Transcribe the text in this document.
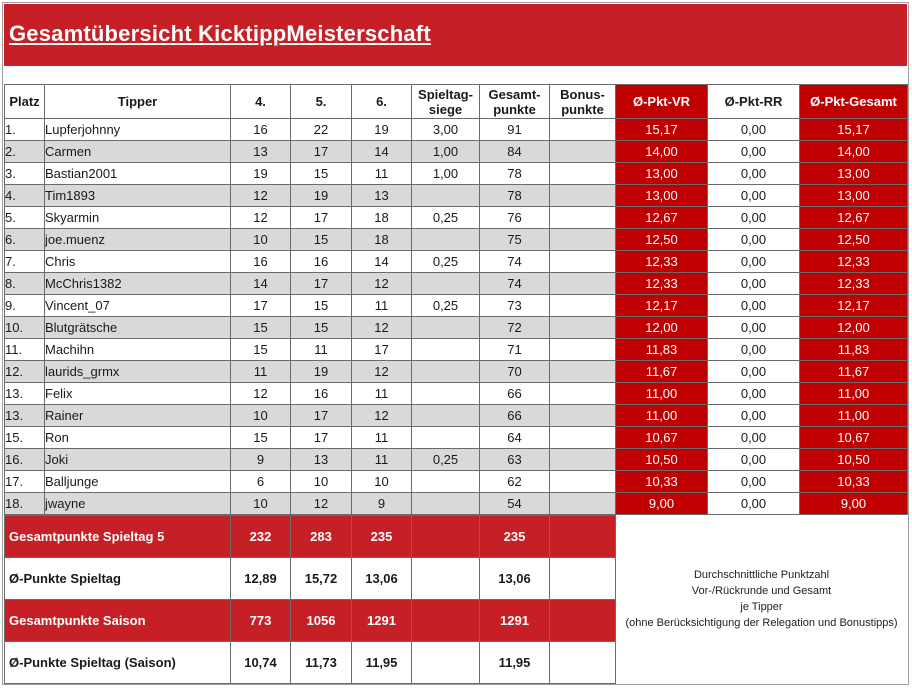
Gesamtübersicht KicktippMeisterschaft
Platz	Tipper	4.	5.	6.	Spieltag-siege	Gesamt-punkte	Bonus-punkte	Ø-Pkt-VR	Ø-Pkt-RR	Ø-Pkt-Gesamt
1.	Lupferjohnny	16	22	19	3,00	91		15,17	0,00	15,17
2.	Carmen	13	17	14	1,00	84		14,00	0,00	14,00
3.	Bastian2001	19	15	11	1,00	78		13,00	0,00	13,00
4.	Tim1893	12	19	13		78		13,00	0,00	13,00
5.	Skyarmin	12	17	18	0,25	76		12,67	0,00	12,67
6.	joe.muenz	10	15	18		75		12,50	0,00	12,50
7.	Chris	16	16	14	0,25	74		12,33	0,00	12,33
8.	McChris1382	14	17	12		74		12,33	0,00	12,33
9.	Vincent_07	17	15	11	0,25	73		12,17	0,00	12,17
10.	Blutgrätsche	15	15	12		72		12,00	0,00	12,00
11.	Machihn	15	11	17		71		11,83	0,00	11,83
12.	laurids_grmx	11	19	12		70		11,67	0,00	11,67
13.	Felix	12	16	11		66		11,00	0,00	11,00
13.	Rainer	10	17	12		66		11,00	0,00	11,00
15.	Ron	15	17	11		64		10,67	0,00	10,67
16.	Joki	9	13	11	0,25	63		10,50	0,00	10,50
17.	Balljunge	6	10	10		62		10,33	0,00	10,33
18.	jwayne	10	12	9		54		9,00	0,00	9,00
Gesamtpunkte Spieltag 5	232	283	235		235	
Ø-Punkte Spieltag	12,89	15,72	13,06		13,06	
Gesamtpunkte Saison	773	1056	1291		1291	
Ø-Punkte Spieltag (Saison)	10,74	11,73	11,95		11,95	
Durchschnittliche Punktzahl
Vor-/Rückrunde und Gesamt
je Tipper
(ohne Berücksichtigung der Relegation und Bonustipps)
